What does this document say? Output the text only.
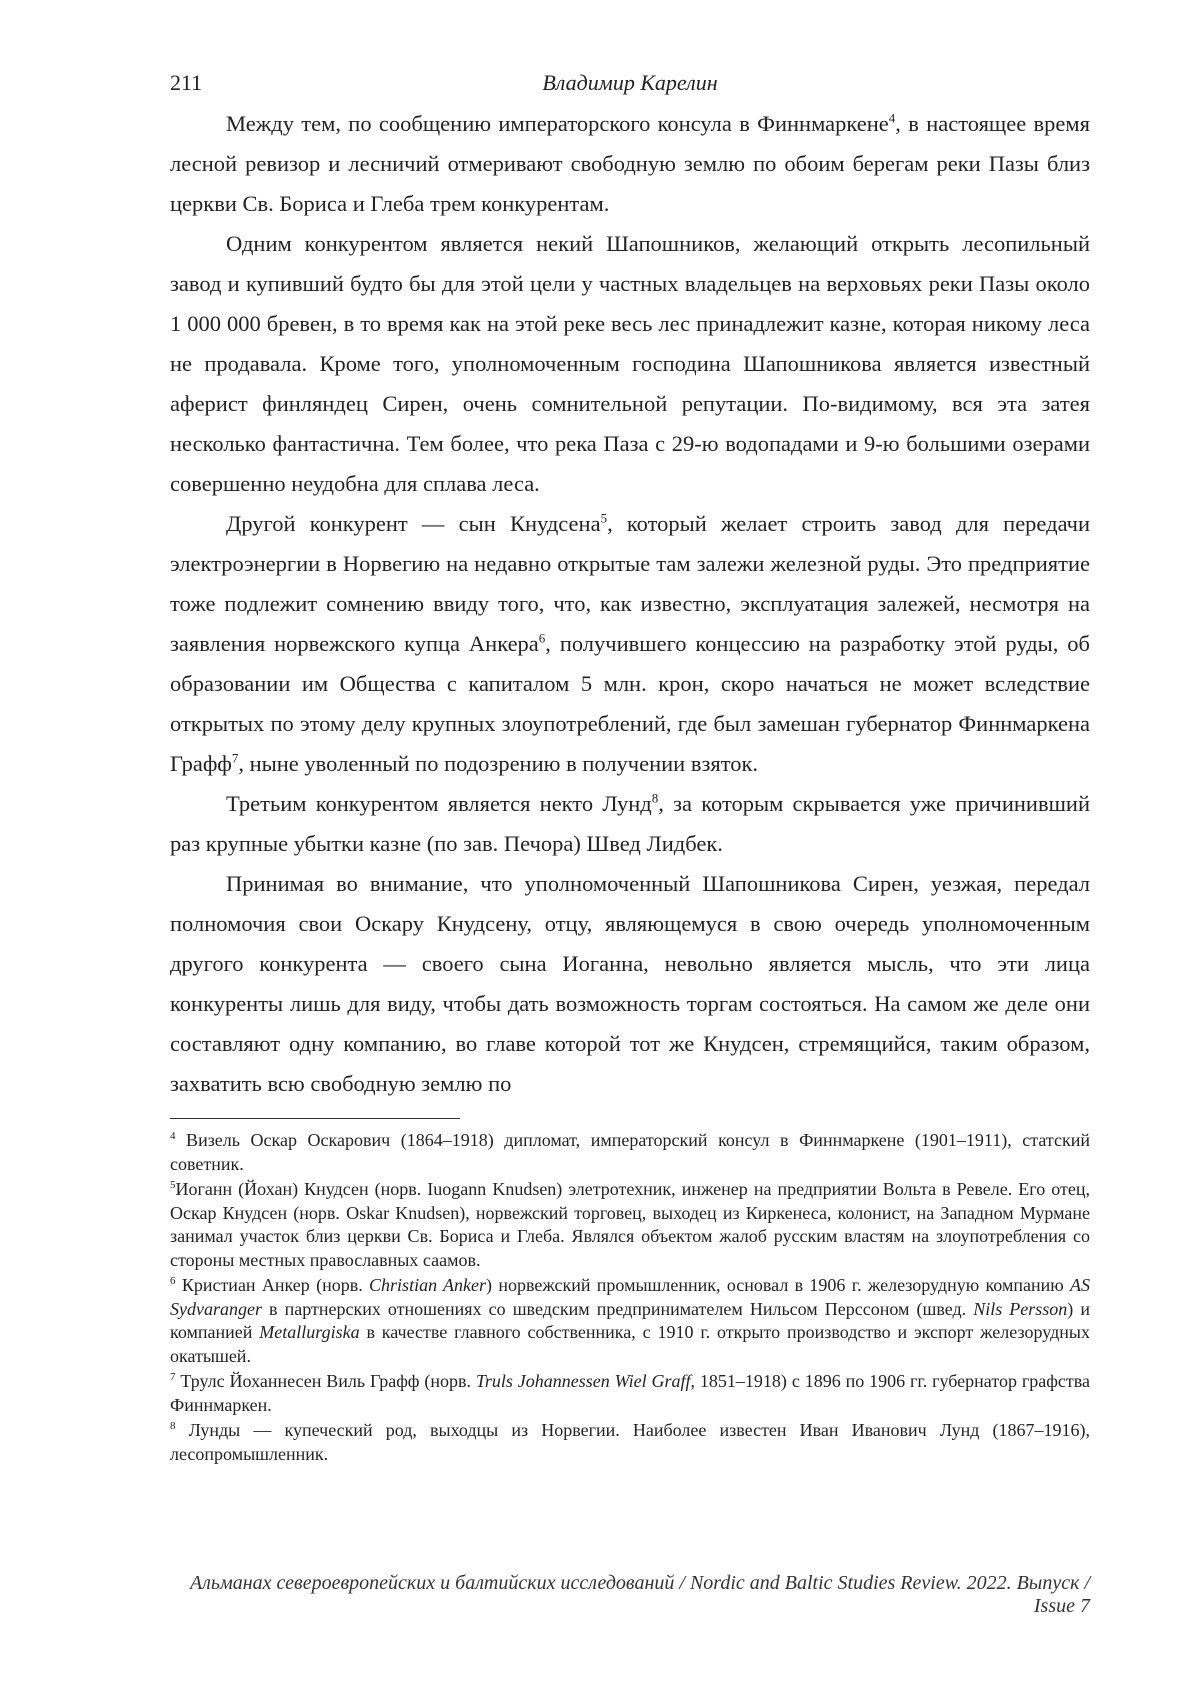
211	Владимир Карелин

Между тем, по сообщению императорского консула в Финнмаркене4, в настоящее время лесной ревизор и лесничий отмеривают свободную землю по обоим берегам реки Пазы близ церкви Св. Бориса и Глеба трем конкурентам.

Одним конкурентом является некий Шапошников, желающий открыть лесопильный завод и купивший будто бы для этой цели у частных владельцев на верховьях реки Пазы около 1 000 000 бревен, в то время как на этой реке весь лес принадлежит казне, которая никому леса не продавала. Кроме того, уполномоченным господина Шапошникова является известный аферист финляндец Сирен, очень сомнительной репутации. По-видимому, вся эта затея несколько фантастична. Тем более, что река Паза с 29-ю водопадами и 9-ю большими озерами совершенно неудобна для сплава леса.

Другой конкурент — сын Кнудсена5, который желает строить завод для передачи электроэнергии в Норвегию на недавно открытые там залежи железной руды. Это предприятие тоже подлежит сомнению ввиду того, что, как известно, эксплуатация залежей, несмотря на заявления норвежского купца Анкера6, получившего концессию на разработку этой руды, об образовании им Общества с капиталом 5 млн. крон, скоро начаться не может вследствие открытых по этому делу крупных злоупотреблений, где был замешан губернатор Финнмаркена Графф7, ныне уволенный по подозрению в получении взяток.

Третьим конкурентом является некто Лунд8, за которым скрывается уже причинивший раз крупные убытки казне (по зав. Печора) Швед Лидбек.

Принимая во внимание, что уполномоченный Шапошникова Сирен, уезжая, передал полномочия свои Оскару Кнудсену, отцу, являющемуся в свою очередь уполномоченным другого конкурента — своего сына Иоганна, невольно является мысль, что эти лица конкуренты лишь для виду, чтобы дать возможность торгам состояться. На самом же деле они составляют одну компанию, во главе которой тот же Кнудсен, стремящийся, таким образом, захватить всю свободную землю по

4 Визель Оскар Оскарович (1864–1918) дипломат, императорский консул в Финнмаркене (1901–1911), статский советник.

5Иоганн (Йохан) Кнудсен (норв. Iuogann Knudsen) элетротехник, инженер на предприятии Вольта в Ревеле. Его отец, Оскар Кнудсен (норв. Oskar Knudsen), норвежский торговец, выходец из Киркенеса, колонист, на Западном Мурмане занимал участок близ церкви Св. Бориса и Глеба. Являлся объектом жалоб русским властям на злоупотребления со стороны местных православных саамов.

6 Кристиан Анкер (норв. Christian Anker) норвежский промышленник, основал в 1906 г. железорудную компанию AS Sydvaranger в партнерских отношениях со шведским предпринимателем Нильсом Перссоном (швед. Nils Persson) и компанией Metallurgiska в качестве главного собственника, с 1910 г. открыто производство и экспорт железорудных окатышей.

7 Трулс Йоханнесен Виль Графф (норв. Truls Johannessen Wiel Graff, 1851–1918) с 1896 по 1906 гг. губернатор графства Финнмаркен.

8 Лунды — купеческий род, выходцы из Норвегии. Наиболее известен Иван Иванович Лунд (1867–1916), лесопромышленник.

Альманах североевропейских и балтийских исследований / Nordic and Baltic Studies Review. 2022. Выпуск / Issue 7
